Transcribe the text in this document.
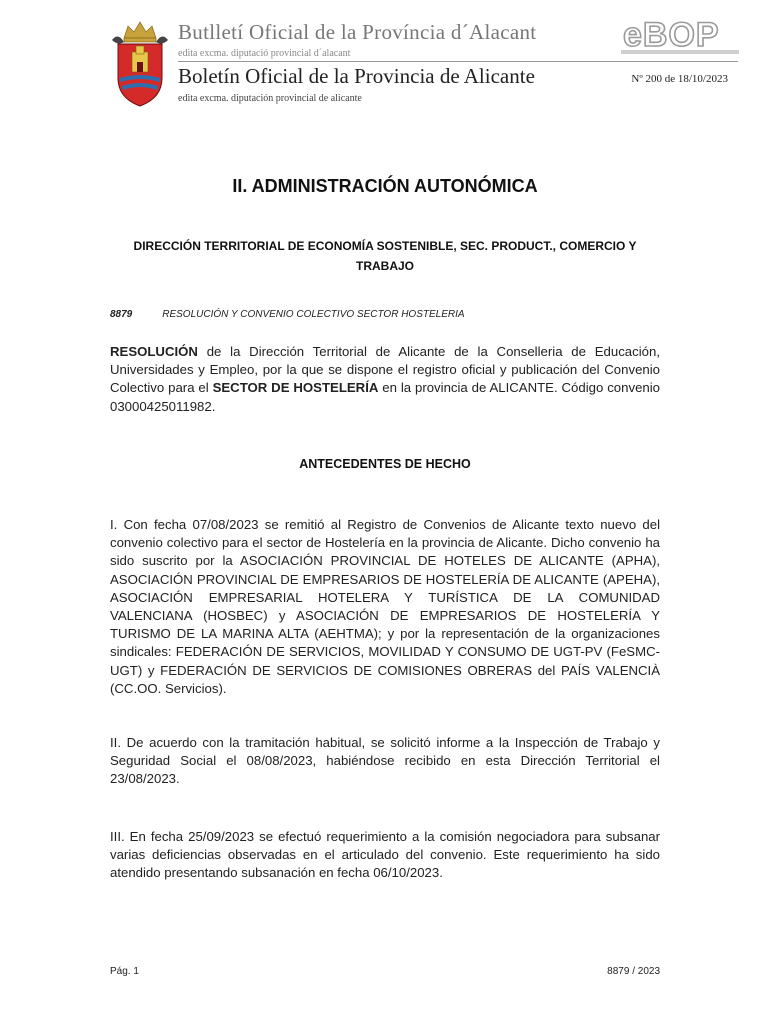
Butlletí Oficial de la Província d´Alacant
edita excma. diputació provincial d´alacant
Boletín Oficial de la Provincia de Alicante
edita excma. diputación provincial de alicante
eBOP
Nº 200 de 18/10/2023
II. ADMINISTRACIÓN AUTONÓMICA
DIRECCIÓN TERRITORIAL DE ECONOMÍA SOSTENIBLE, SEC. PRODUCT., COMERCIO Y TRABAJO
8879	RESOLUCIÓN Y CONVENIO COLECTIVO SECTOR HOSTELERIA
RESOLUCIÓN de la Dirección Territorial de Alicante de la Conselleria de Educación, Universidades y Empleo, por la que se dispone el registro oficial y publicación del Convenio Colectivo para el SECTOR DE HOSTELERÍA en la provincia de ALICANTE. Código convenio 03000425011982.
ANTECEDENTES DE HECHO
I. Con fecha 07/08/2023 se remitió al Registro de Convenios de Alicante texto nuevo del convenio colectivo para el sector de Hostelería en la provincia de Alicante. Dicho convenio ha sido suscrito por la ASOCIACIÓN PROVINCIAL DE HOTELES DE ALICANTE (APHA), ASOCIACIÓN PROVINCIAL DE EMPRESARIOS DE HOSTELERÍA DE ALICANTE (APEHA), ASOCIACIÓN EMPRESARIAL HOTELERA Y TURÍSTICA DE LA COMUNIDAD VALENCIANA (HOSBEC) y ASOCIACIÓN DE EMPRESARIOS DE HOSTELERÍA Y TURISMO DE LA MARINA ALTA (AEHTMA); y por la representación de la organizaciones sindicales: FEDERACIÓN DE SERVICIOS, MOVILIDAD Y CONSUMO DE UGT-PV (FeSMC-UGT) y FEDERACIÓN DE SERVICIOS DE COMISIONES OBRERAS del PAÍS VALENCIÀ (CC.OO. Servicios).
II. De acuerdo con la tramitación habitual, se solicitó informe a la Inspección de Trabajo y Seguridad Social el 08/08/2023, habiéndose recibido en esta Dirección Territorial el 23/08/2023.
III. En fecha 25/09/2023 se efectuó requerimiento a la comisión negociadora para subsanar varias deficiencias observadas en el articulado del convenio. Este requerimiento ha sido atendido presentando subsanación en fecha 06/10/2023.
Pág. 1	8879 / 2023
